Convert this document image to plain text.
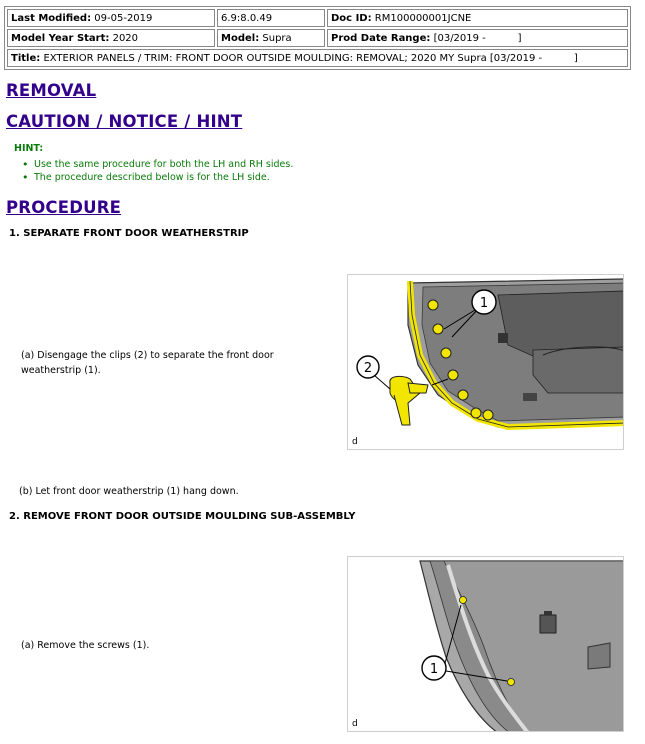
Last Modified: 09-05-2019	6.9:8.0.49	Doc ID: RM100000001JCNE
Model Year Start: 2020	Model: Supra	Prod Date Range: [03/2019 -          ]
Title: EXTERIOR PANELS / TRIM: FRONT DOOR OUTSIDE MOULDING: REMOVAL; 2020 MY Supra [03/2019 -          ]		
REMOVAL
CAUTION / NOTICE / HINT
HINT:
• Use the same procedure for both the LH and RH sides.
• The procedure described below is for the LH side.
PROCEDURE
1. SEPARATE FRONT DOOR WEATHERSTRIP
(a) Disengage the clips (2) to separate the front door weatherstrip (1).
1
2
d
(b) Let front door weatherstrip (1) hang down.
2. REMOVE FRONT DOOR OUTSIDE MOULDING SUB-ASSEMBLY
(a) Remove the screws (1).
1
d
